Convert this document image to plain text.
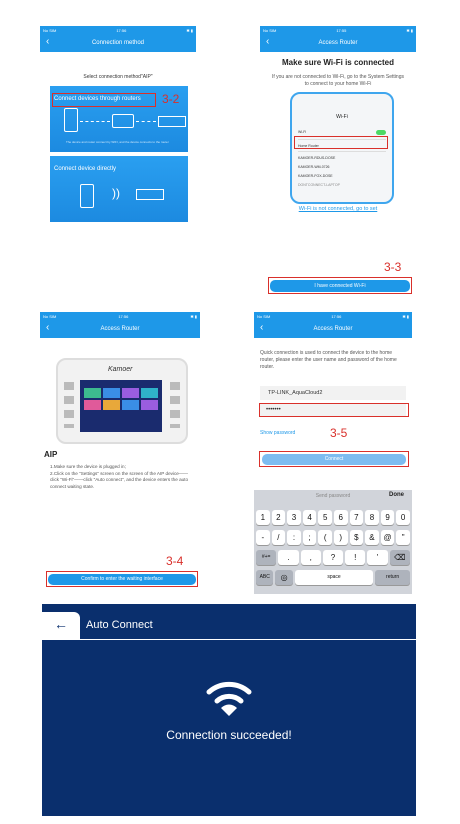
No SIM	17:56	✱ ▮
‹	Connection method
Select connection method"AIP"
Connect devices through routers
The device and router connect by WIFI, and the device connects to the router
3-2
Connect device directly
))
No SIM	17:55	✱ ▮
‹	Access Router
Make sure Wi-Fi is connected
If you are not connected to Wi-Fi, go to the System Settings to connect to your home Wi-Fi
Wi-Fi
Wi-Fi
Home Router
KAMOER-RDUS-DOSE
KAMOER-WM-0726
KAMOER-FOX-DOSE
DONTCONNECT-LAPTOP
Wi-Fi is not connected, go to set
3-3
I have connected Wi-Fi
No SIM	17:56	✱ ▮
‹	Access Router
Kamoer
AIP
1.Make sure the device is plugged in;
2.Click on the "Settings" screen on the screen of the AIP device——click "Wi-Fi"——click "Auto connect", and the device enters the auto connect waiting state.
3-4
Confirm to enter the waiting interface
No SIM	17:56	✱ ▮
‹	Access Router
Quick connection is used to connect the device to the home router, please enter the user name and password of the home router.
TP-LINK_AquaCloud2
•••••••
Show password	3-5
Connect
Send password	Done
1	2	3	4	5	6	7	8	9	0
-	/	:	;	(	)	$	&	@	"
#+=	.	,	?	!	'	⌫
ABC	◎	space	return
← Auto Connect
Connection succeeded!
